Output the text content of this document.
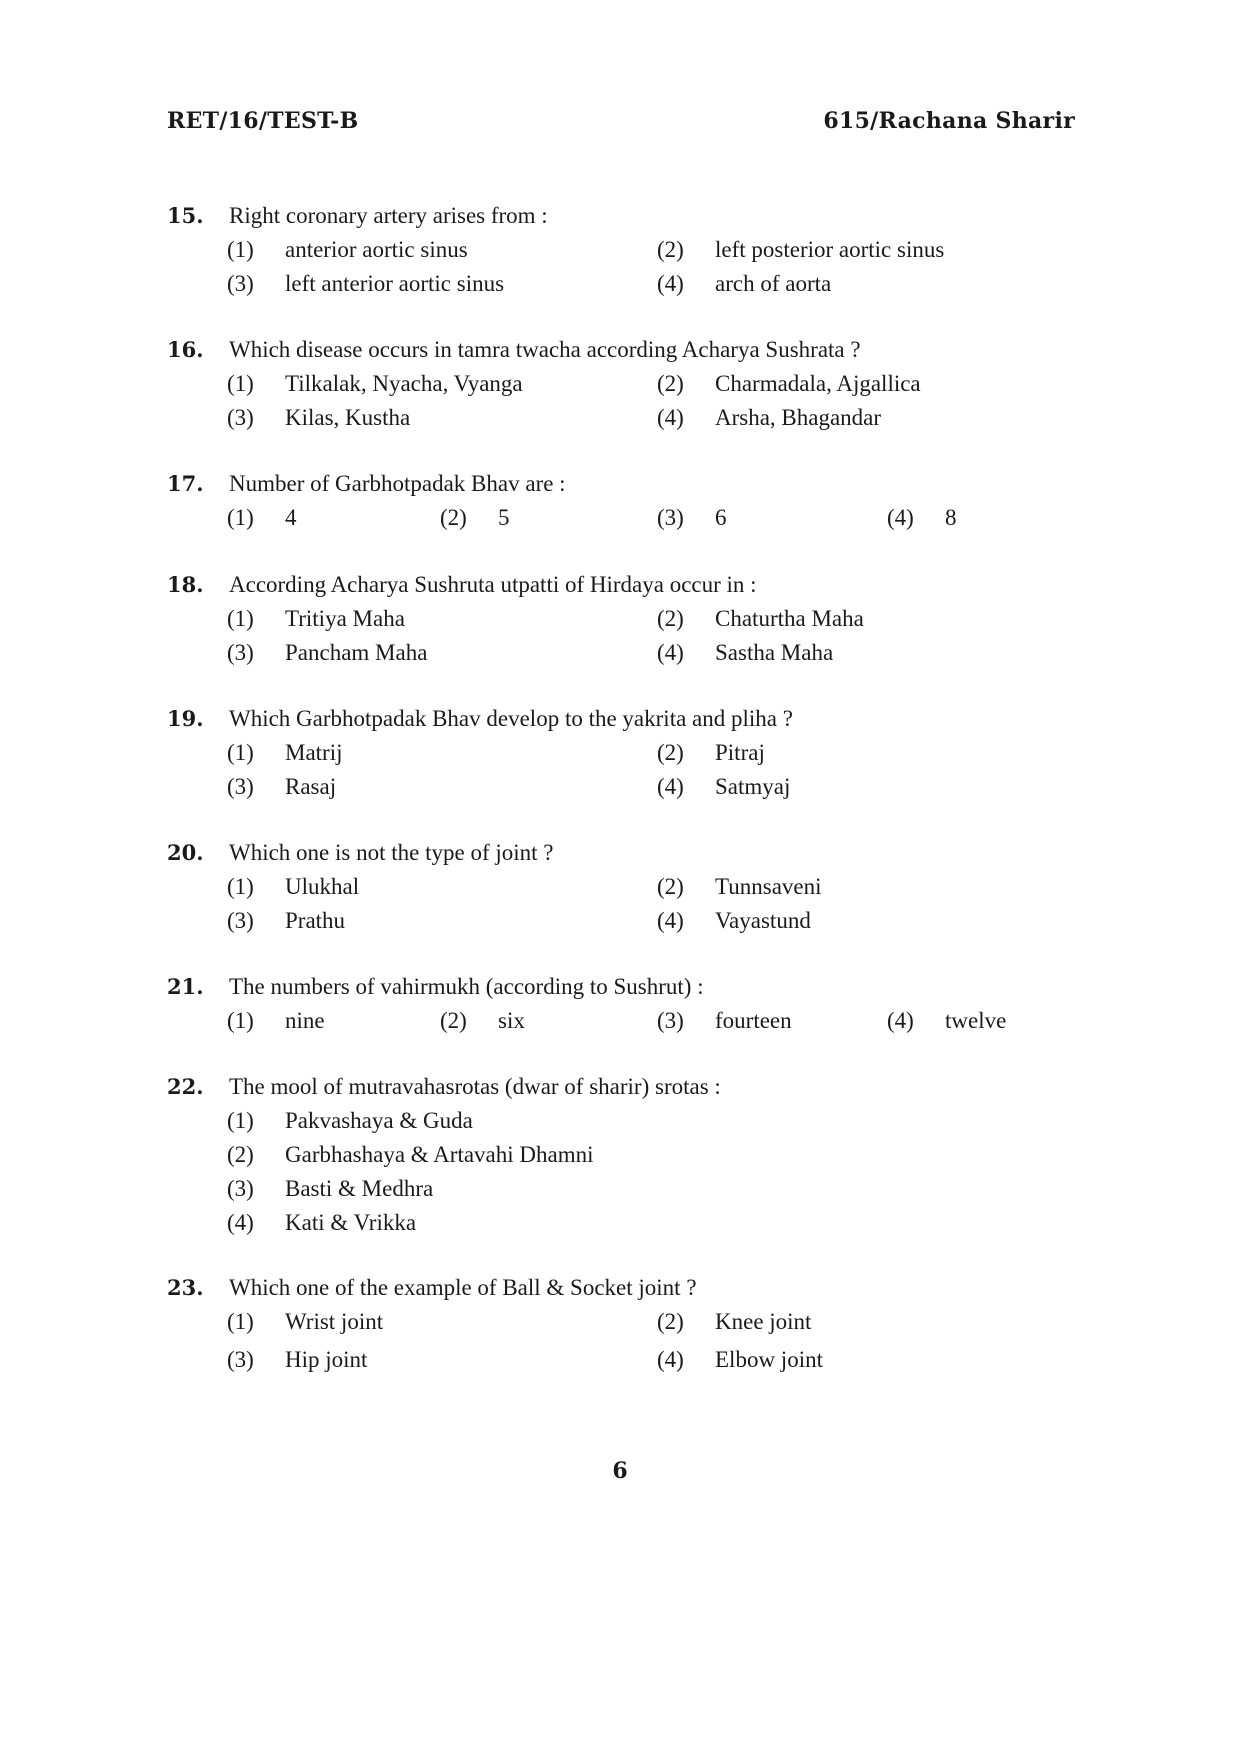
RET/16/TEST-B	615/Rachana Sharir
15. Right coronary artery arises from :
(1) anterior aortic sinus	(2) left posterior aortic sinus
(3) left anterior aortic sinus	(4) arch of aorta
16. Which disease occurs in tamra twacha according Acharya Sushrata ?
(1) Tilkalak, Nyacha, Vyanga	(2) Charmadala, Ajgallica
(3) Kilas, Kustha	(4) Arsha, Bhagandar
17. Number of Garbhotpadak Bhav are :
(1) 4	(2) 5	(3) 6	(4) 8
18. According Acharya Sushruta utpatti of Hirdaya occur in :
(1) Tritiya Maha	(2) Chaturtha Maha
(3) Pancham Maha	(4) Sastha Maha
19. Which Garbhotpadak Bhav develop to the yakrita and pliha ?
(1) Matrij	(2) Pitraj
(3) Rasaj	(4) Satmyaj
20. Which one is not the type of joint ?
(1) Ulukhal	(2) Tunnsaveni
(3) Prathu	(4) Vayastund
21. The numbers of vahirmukh (according to Sushrut) :
(1) nine	(2) six	(3) fourteen	(4) twelve
22. The mool of mutravahasrotas (dwar of sharir) srotas :
(1) Pakvashaya & Guda
(2) Garbhashaya & Artavahi Dhamni
(3) Basti & Medhra
(4) Kati & Vrikka
23. Which one of the example of Ball & Socket joint ?
(1) Wrist joint	(2) Knee joint
(3) Hip joint	(4) Elbow joint
6
